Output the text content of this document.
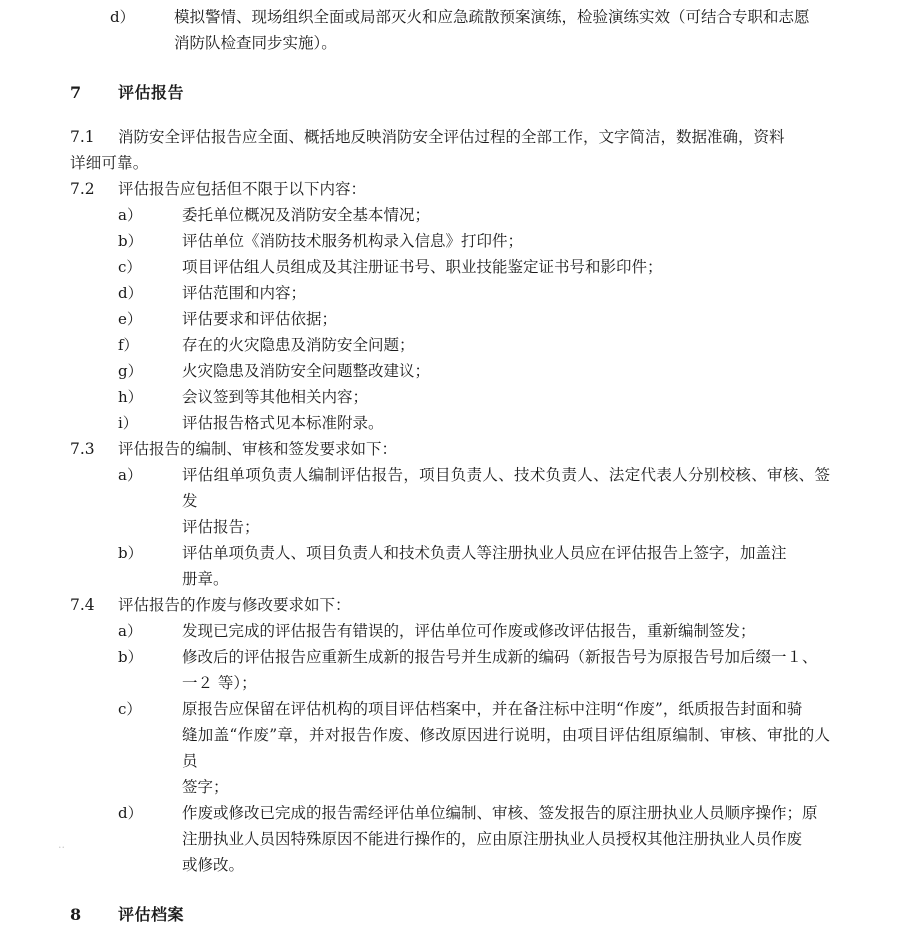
..
d）	模拟警情、现场组织全面或局部灭火和应急疏散预案演练，检验演练实效（可结合专职和志愿
消防队检查同步实施）。
7	评估报告
7.1	消防安全评估报告应全面、概括地反映消防安全评估过程的全部工作，文字简洁，数据准确，资料
详细可靠。
7.2	评估报告应包括但不限于以下内容：
a）	委托单位概况及消防安全基本情况；
b）	评估单位《消防技术服务机构录入信息》打印件；
c）	项目评估组人员组成及其注册证书号、职业技能鉴定证书号和影印件；
d）	评估范围和内容；
e）	评估要求和评估依据；
f）	存在的火灾隐患及消防安全问题；
g）	火灾隐患及消防安全问题整改建议；
h）	会议签到等其他相关内容；
i）	评估报告格式见本标准附录。
7.3	评估报告的编制、审核和签发要求如下：
a）	评估组单项负责人编制评估报告，项目负责人、技术负责人、法定代表人分别校核、审核、签发
评估报告；
b）	评估单项负责人、项目负责人和技术负责人等注册执业人员应在评估报告上签字，加盖注
册章。
7.4	评估报告的作废与修改要求如下：
a）	发现已完成的评估报告有错误的，评估单位可作废或修改评估报告，重新编制签发；
b）	修改后的评估报告应重新生成新的报告号并生成新的编码（新报告号为原报告号加后缀一１、
一２ 等）；
c）	原报告应保留在评估机构的项目评估档案中，并在备注标中注明“作废”，纸质报告封面和骑
缝加盖“作废”章，并对报告作废、修改原因进行说明，由项目评估组原编制、审核、审批的人员
签字；
d）	作废或修改已完成的报告需经评估单位编制、审核、签发报告的原注册执业人员顺序操作；原
注册执业人员因特殊原因不能进行操作的，应由原注册执业人员授权其他注册执业人员作废
或修改。
8	评估档案
